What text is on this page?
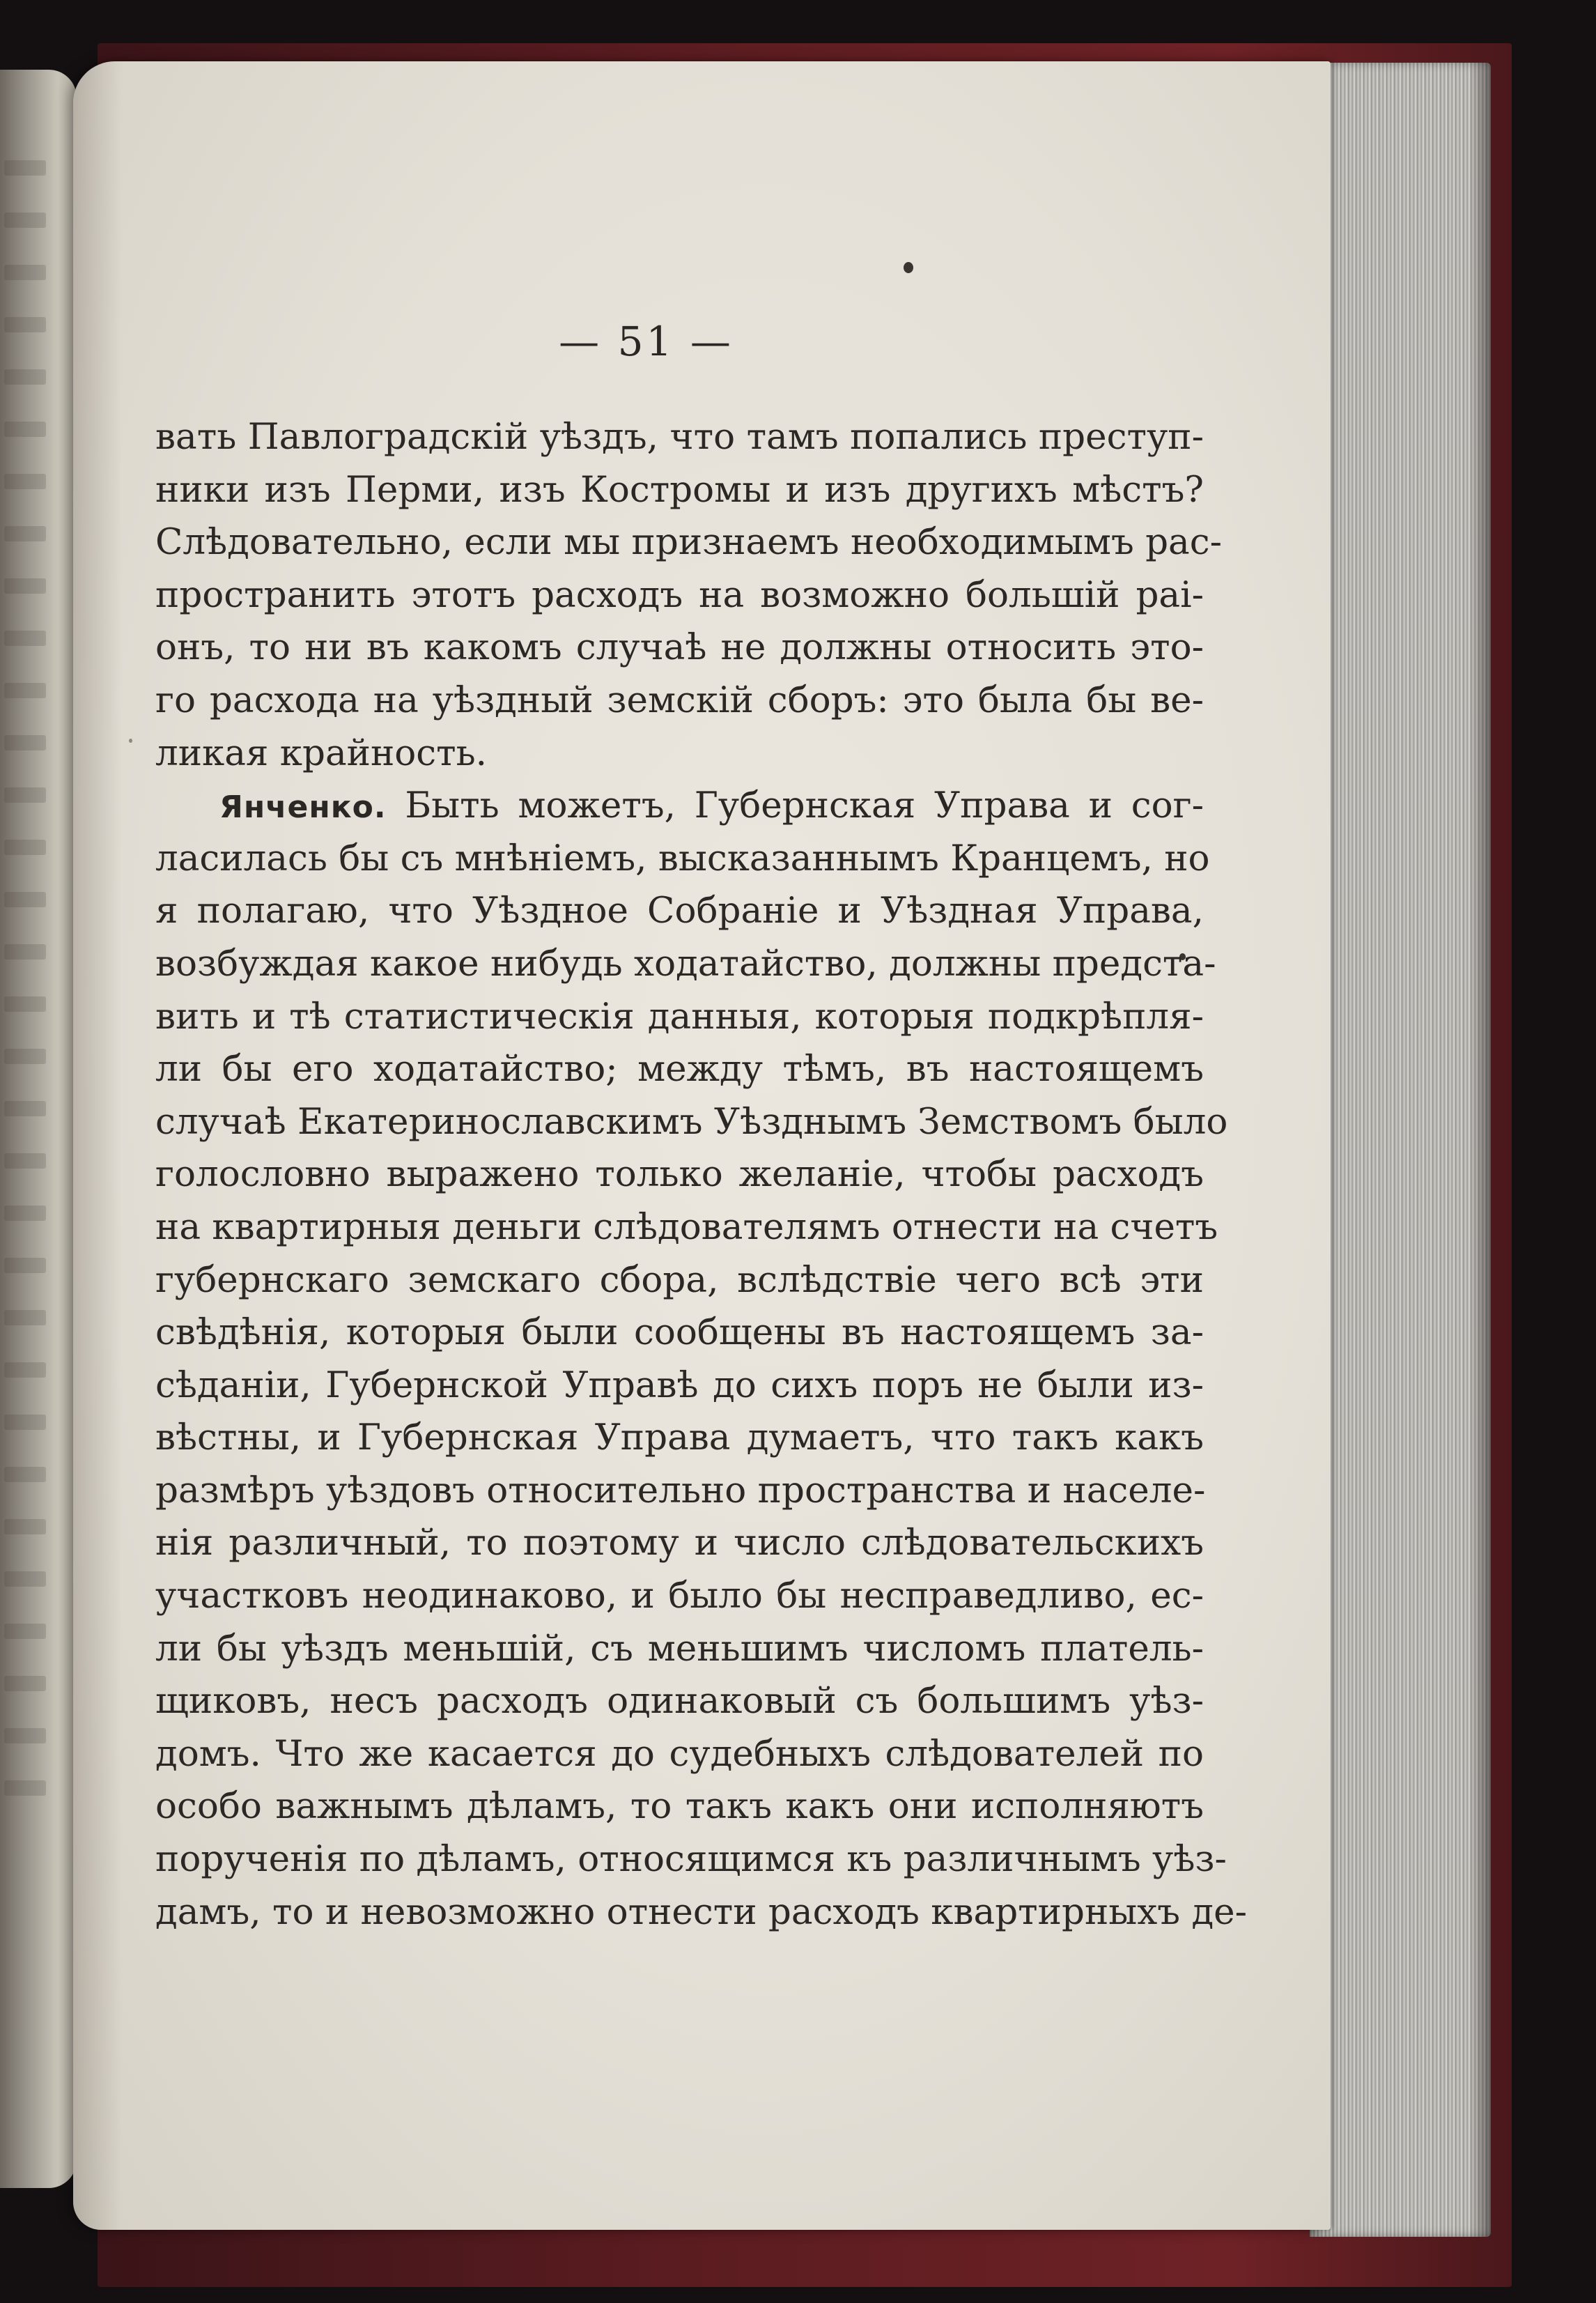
— 51 —
вать Павлоградскій уѣздъ, что тамъ попались преступ-
ники изъ Перми, изъ Костромы и изъ другихъ мѣстъ?
Слѣдовательно, если мы признаемъ необходимымъ рас-
пространить этотъ расходъ на возможно большій раі-
онъ, то ни въ какомъ случаѣ не должны относить это-
го расхода на уѣздный земскій сборъ: это была бы ве-
ликая крайность.
Янченко. Быть можетъ, Губернская Управа и сог-
ласилась бы съ мнѣніемъ, высказаннымъ Кранцемъ, но
я полагаю, что Уѣздное Собраніе и Уѣздная Управа,
возбуждая какое нибудь ходатайство, должны предста-
вить и тѣ статистическія данныя, которыя подкрѣпля-
ли бы его ходатайство; между тѣмъ, въ настоящемъ
случаѣ Екатеринославскимъ Уѣзднымъ Земствомъ было
голословно выражено только желаніе, чтобы расходъ
на квартирныя деньги слѣдователямъ отнести на счетъ
губернскаго земскаго сбора, вслѣдствіе чего всѣ эти
свѣдѣнія, которыя были сообщены въ настоящемъ за-
сѣданіи, Губернской Управѣ до сихъ поръ не были из-
вѣстны, и Губернская Управа думаетъ, что такъ какъ
размѣръ уѣздовъ относительно пространства и населе-
нія различный, то поэтому и число слѣдовательскихъ
участковъ неодинаково, и было бы несправедливо, ес-
ли бы уѣздъ меньшій, съ меньшимъ числомъ платель-
щиковъ, несъ расходъ одинаковый съ большимъ уѣз-
домъ. Что же касается до судебныхъ слѣдователей по
особо важнымъ дѣламъ, то такъ какъ они исполняютъ
порученія по дѣламъ, относящимся къ различнымъ уѣз-
дамъ, то и невозможно отнести расходъ квартирныхъ де-
